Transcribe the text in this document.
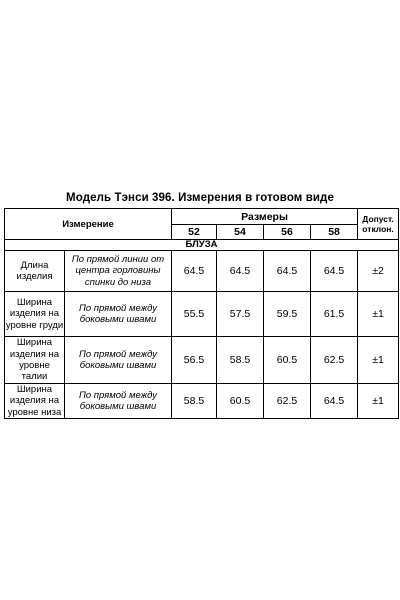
Модель Тэнси 396. Измерения в готовом виде
Измерение		Размеры				Допуст. отклон.
		52	54	56	58	
БЛУЗА						
Длина изделия	По прямой линии от центра горловины спинки до низа	64.5	64.5	64.5	64.5	±2
Ширина изделия на уровне груди	По прямой между боковыми швами	55.5	57.5	59.5	61.5	±1
Ширина изделия на уровне талии	По прямой между боковыми швами	56.5	58.5	60.5	62.5	±1
Ширина изделия на уровне низа	По прямой между боковыми швами	58.5	60.5	62.5	64.5	±1
